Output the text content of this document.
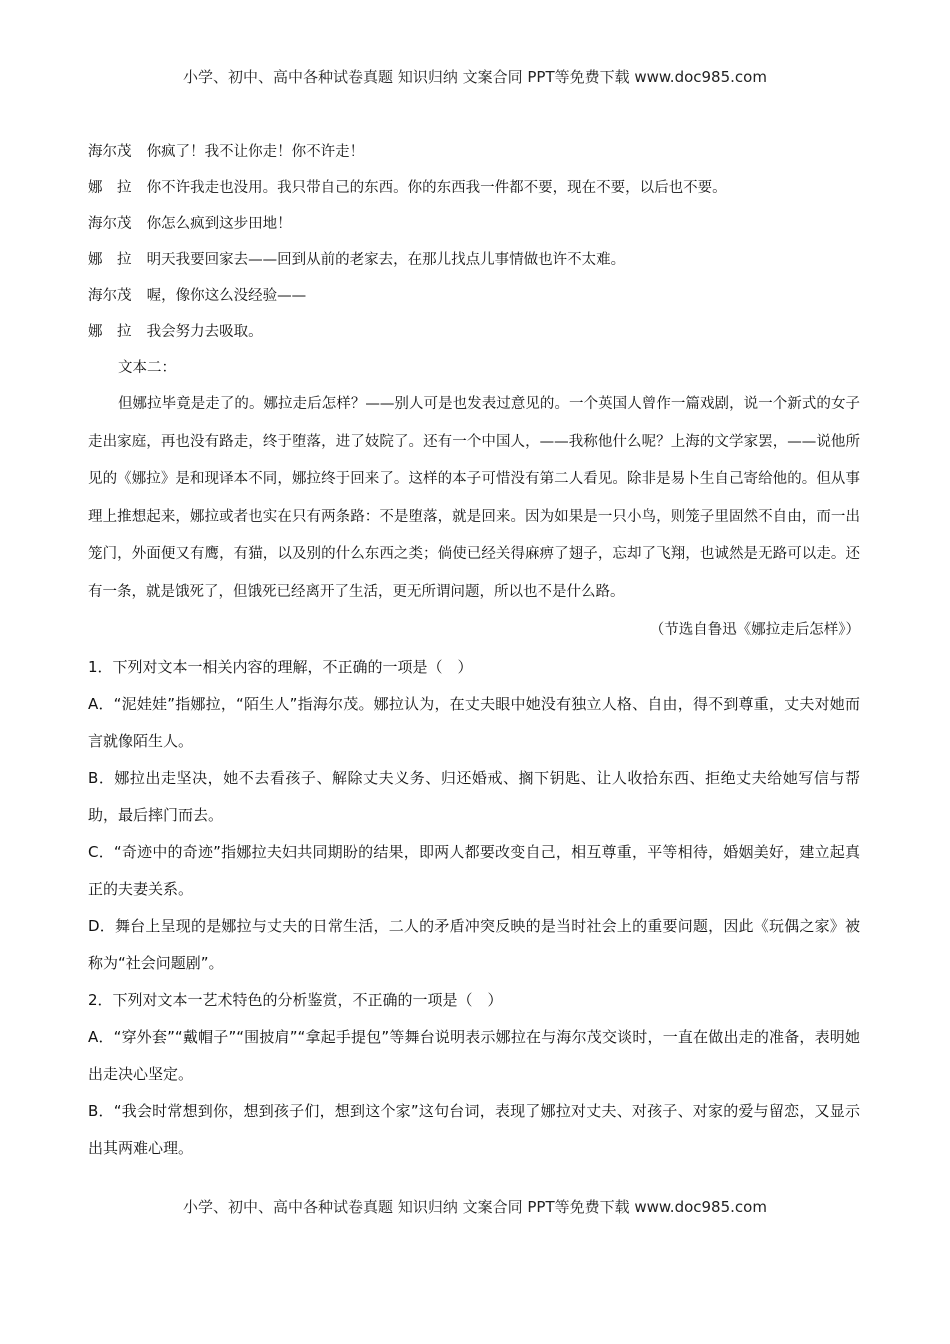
小学、初中、高中各种试卷真题 知识归纳 文案合同 PPT等免费下载 www.doc985.com
海尔茂 你疯了！我不让你走！你不许走！
娜　拉 你不许我走也没用。我只带自己的东西。你的东西我一件都不要，现在不要，以后也不要。
海尔茂 你怎么疯到这步田地！
娜　拉 明天我要回家去——回到从前的老家去，在那儿找点儿事情做也许不太难。
海尔茂 喔，像你这么没经验——
娜　拉 我会努力去吸取。
文本二：

但娜拉毕竟是走了的。娜拉走后怎样？——别人可是也发表过意见的。一个英国人曾作一篇戏剧，说一个新式的女子走出家庭，再也没有路走，终于堕落，进了妓院了。还有一个中国人，——我称他什么呢？上海的文学家罢，——说他所见的《娜拉》是和现译本不同，娜拉终于回来了。这样的本子可惜没有第二人看见。除非是易卜生自己寄给他的。但从事理上推想起来，娜拉或者也实在只有两条路：不是堕落，就是回来。因为如果是一只小鸟，则笼子里固然不自由，而一出笼门，外面便又有鹰，有猫，以及别的什么东西之类；倘使已经关得麻痹了翅子，忘却了飞翔，也诚然是无路可以走。还有一条，就是饿死了，但饿死已经离开了生活，更无所谓问题，所以也不是什么路。

（节选自鲁迅《娜拉走后怎样》）

1．下列对文本一相关内容的理解，不正确的一项是（　）

A．“泥娃娃”指娜拉，“陌生人”指海尔茂。娜拉认为，在丈夫眼中她没有独立人格、自由，得不到尊重，丈夫对她而言就像陌生人。

B．娜拉出走坚决，她不去看孩子、解除丈夫义务、归还婚戒、搁下钥匙、让人收拾东西、拒绝丈夫给她写信与帮助，最后摔门而去。

C．“奇迹中的奇迹”指娜拉夫妇共同期盼的结果，即两人都要改变自己，相互尊重，平等相待，婚姻美好，建立起真正的夫妻关系。

D．舞台上呈现的是娜拉与丈夫的日常生活，二人的矛盾冲突反映的是当时社会上的重要问题，因此《玩偶之家》被称为“社会问题剧”。

2．下列对文本一艺术特色的分析鉴赏，不正确的一项是（　）

A．“穿外套”“戴帽子”“围披肩”“拿起手提包”等舞台说明表示娜拉在与海尔茂交谈时，一直在做出走的准备，表明她出走决心坚定。

B．“我会时常想到你，想到孩子们，想到这个家”这句台词，表现了娜拉对丈夫、对孩子、对家的爱与留恋，又显示出其两难心理。

小学、初中、高中各种试卷真题 知识归纳 文案合同 PPT等免费下载 www.doc985.com
